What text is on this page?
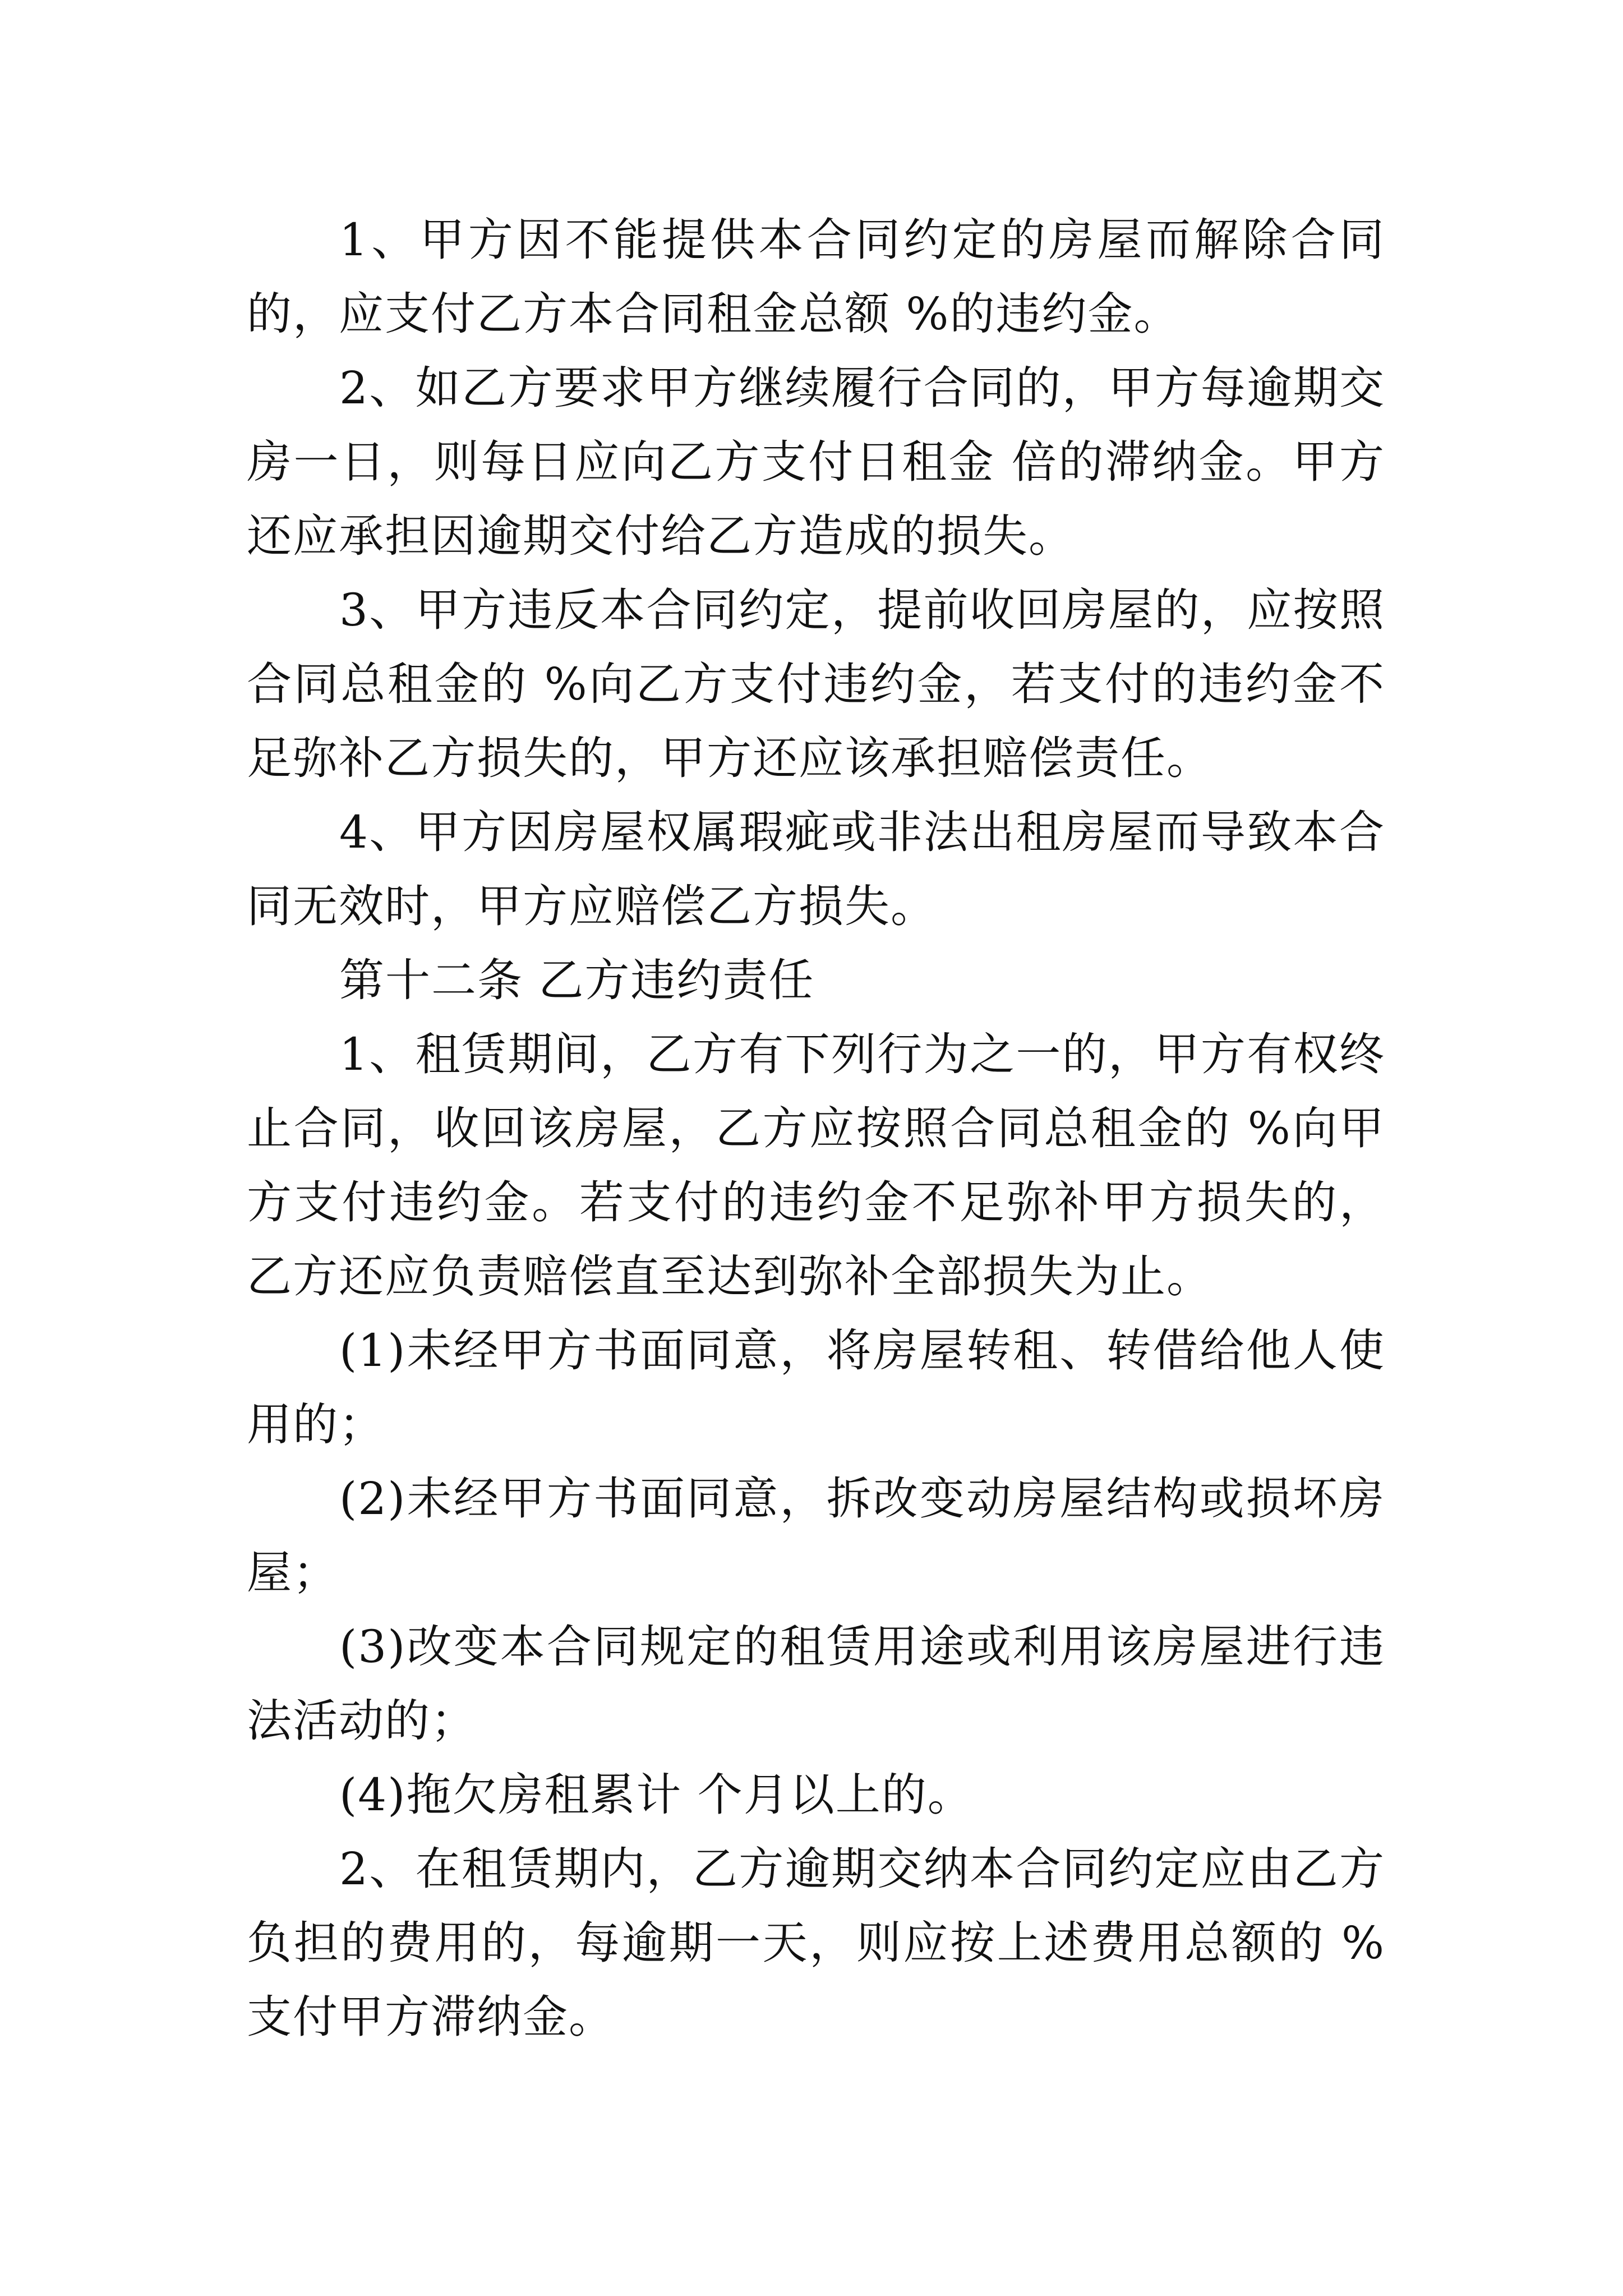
1、甲方因不能提供本合同约定的房屋而解除合同的，应支付乙方本合同租金总额 %的违约金。

2、如乙方要求甲方继续履行合同的，甲方每逾期交房一日，则每日应向乙方支付日租金 倍的滞纳金。甲方还应承担因逾期交付给乙方造成的损失。

3、甲方违反本合同约定，提前收回房屋的，应按照合同总租金的 %向乙方支付违约金，若支付的违约金不足弥补乙方损失的，甲方还应该承担赔偿责任。

4、甲方因房屋权属瑕疵或非法出租房屋而导致本合同无效时，甲方应赔偿乙方损失。

第十二条 乙方违约责任

1、租赁期间，乙方有下列行为之一的，甲方有权终止合同，收回该房屋，乙方应按照合同总租金的 %向甲方支付违约金。若支付的违约金不足弥补甲方损失的，乙方还应负责赔偿直至达到弥补全部损失为止。

(1)未经甲方书面同意，将房屋转租、转借给他人使用的；

(2)未经甲方书面同意，拆改变动房屋结构或损坏房屋；

(3)改变本合同规定的租赁用途或利用该房屋进行违法活动的；

(4)拖欠房租累计 个月以上的。

2、在租赁期内，乙方逾期交纳本合同约定应由乙方负担的费用的，每逾期一天，则应按上述费用总额的 %支付甲方滞纳金。
